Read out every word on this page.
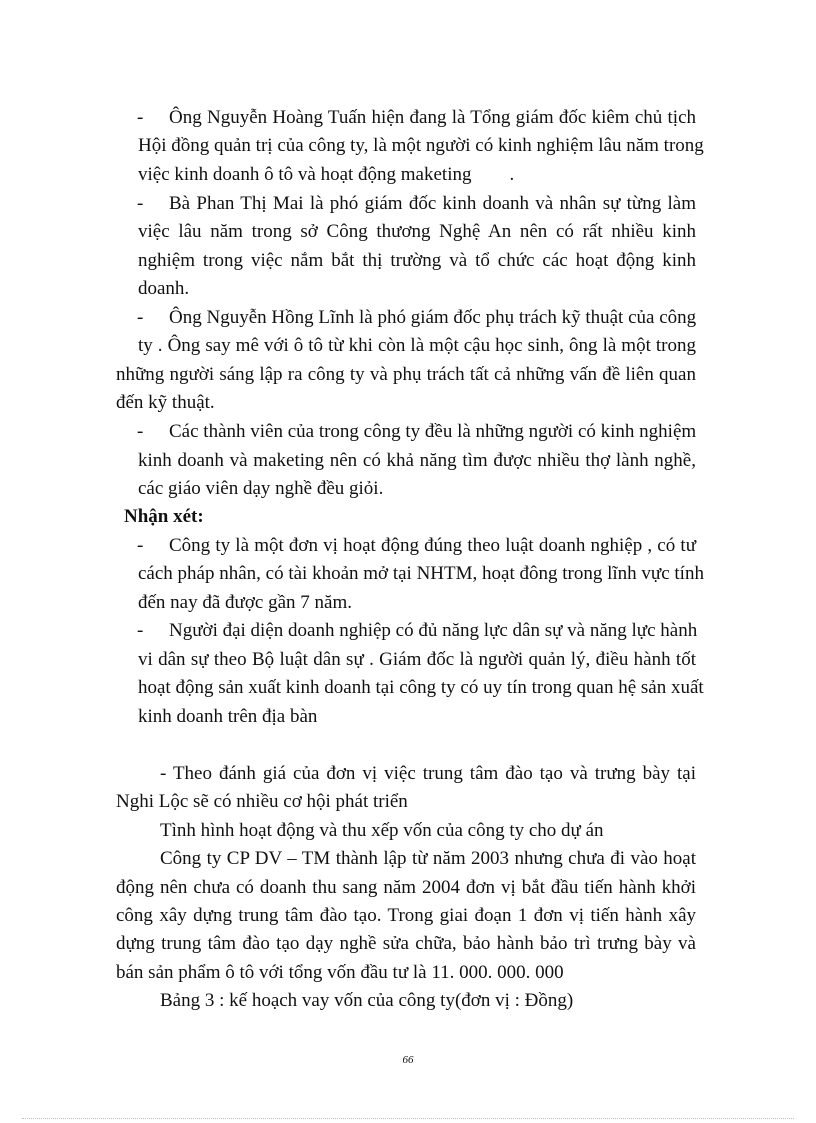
- Ông Nguyễn Hoàng Tuấn hiện đang là Tổng giám đốc kiêm chủ tịch
Hội đồng quản trị của công ty, là một người có kinh nghiệm lâu năm trong
việc kinh doanh ô tô và hoạt động maketing        .
- Bà Phan Thị Mai là phó giám đốc kinh doanh và nhân sự từng làm
việc lâu năm trong sở Công thương Nghệ An nên có rất nhiều kinh
nghiệm trong việc nắm bắt thị trường và tổ chức các hoạt động kinh
doanh.
- Ông Nguyễn Hồng Lĩnh là phó giám đốc phụ trách kỹ thuật của công
ty . Ông say mê với ô tô từ khi còn là một cậu học sinh, ông là một trong
những người sáng lập ra công ty và phụ trách tất cả những vấn đề liên quan
đến kỹ thuật.
- Các thành viên của trong công ty đều là những người có kinh nghiệm
kinh doanh và maketing nên có khả năng tìm được nhiều thợ lành nghề,
các giáo viên dạy nghề đều giỏi.
Nhận xét:
- Công ty là một đơn vị hoạt động đúng theo luật doanh nghiệp , có tư
cách pháp nhân, có tài khoản mở tại NHTM, hoạt đông trong lĩnh vực tính
đến nay đã được gần 7 năm.
- Người đại diện doanh nghiệp có đủ năng lực dân sự và năng lực hành
vi dân sự theo Bộ luật dân sự . Giám đốc là người quản lý, điều hành tốt
hoạt động sản xuất kinh doanh tại công ty có uy tín trong quan hệ sản xuất
kinh doanh trên địa bàn
- Theo đánh giá của đơn vị việc trung tâm đào tạo và trưng bày tại
Nghi Lộc sẽ có nhiều cơ hội phát triển
Tình hình hoạt động và thu xếp vốn của công ty cho dự án
Công ty CP DV – TM thành lập từ năm 2003 nhưng chưa đi vào hoạt
động nên chưa có doanh thu sang năm 2004 đơn vị bắt đầu tiến hành khởi
công xây dựng trung tâm đào tạo. Trong giai đoạn 1 đơn vị tiến hành xây
dựng trung tâm đào tạo dạy nghề sửa chữa, bảo hành bảo trì trưng bày và
bán sản phẩm ô tô với tổng vốn đầu tư là 11. 000. 000. 000
Bảng 3 : kế hoạch vay vốn của công ty(đơn vị : Đồng)
66
